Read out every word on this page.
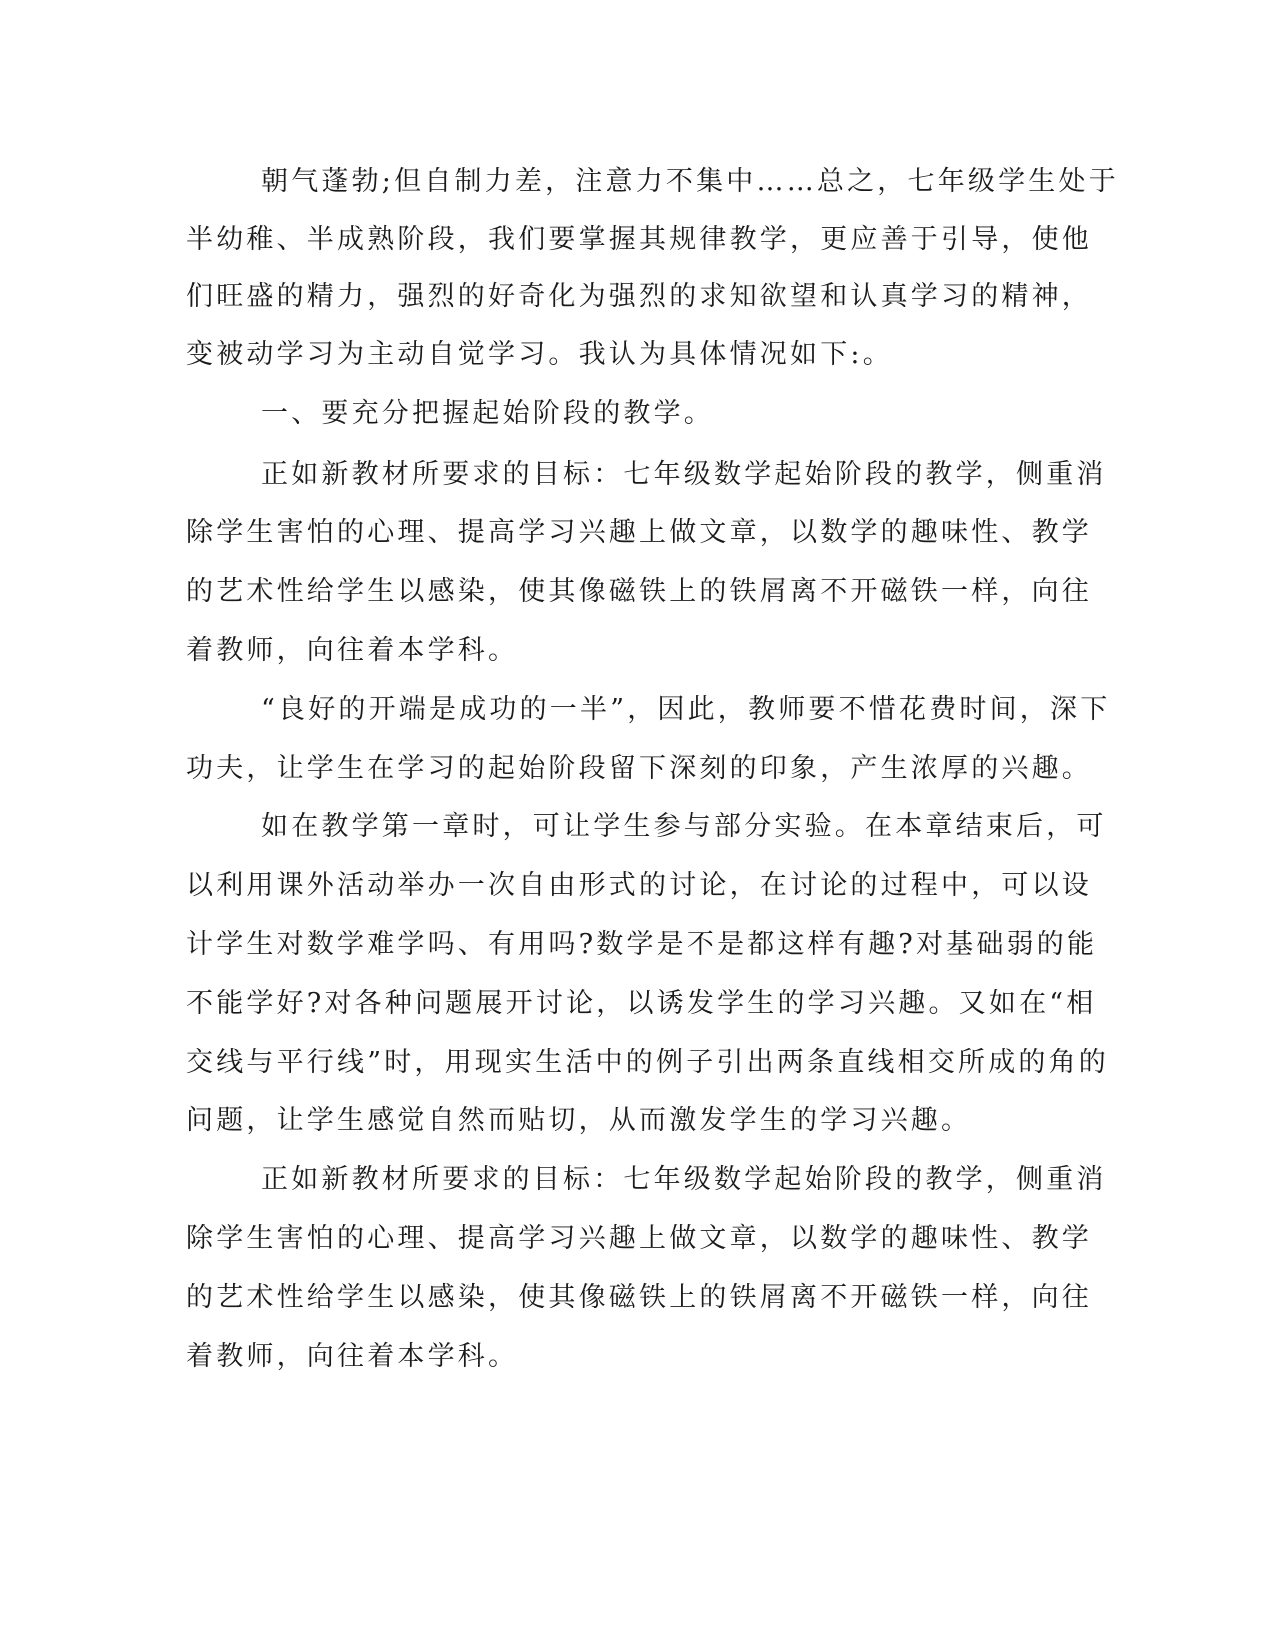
朝气蓬勃;但自制力差，注意力不集中……总之，七年级学生处于
半幼稚、半成熟阶段，我们要掌握其规律教学，更应善于引导，使他
们旺盛的精力，强烈的好奇化为强烈的求知欲望和认真学习的精神，
变被动学习为主动自觉学习。我认为具体情况如下:。
一、要充分把握起始阶段的教学。
正如新教材所要求的目标：七年级数学起始阶段的教学，侧重消
除学生害怕的心理、提高学习兴趣上做文章，以数学的趣味性、教学
的艺术性给学生以感染，使其像磁铁上的铁屑离不开磁铁一样，向往
着教师，向往着本学科。
“良好的开端是成功的一半”，因此，教师要不惜花费时间，深下
功夫，让学生在学习的起始阶段留下深刻的印象，产生浓厚的兴趣。
如在教学第一章时，可让学生参与部分实验。在本章结束后，可
以利用课外活动举办一次自由形式的讨论，在讨论的过程中，可以设
计学生对数学难学吗、有用吗?数学是不是都这样有趣?对基础弱的能
不能学好?对各种问题展开讨论，以诱发学生的学习兴趣。又如在“相
交线与平行线”时，用现实生活中的例子引出两条直线相交所成的角的
问题，让学生感觉自然而贴切，从而激发学生的学习兴趣。
正如新教材所要求的目标：七年级数学起始阶段的教学，侧重消
除学生害怕的心理、提高学习兴趣上做文章，以数学的趣味性、教学
的艺术性给学生以感染，使其像磁铁上的铁屑离不开磁铁一样，向往
着教师，向往着本学科。
